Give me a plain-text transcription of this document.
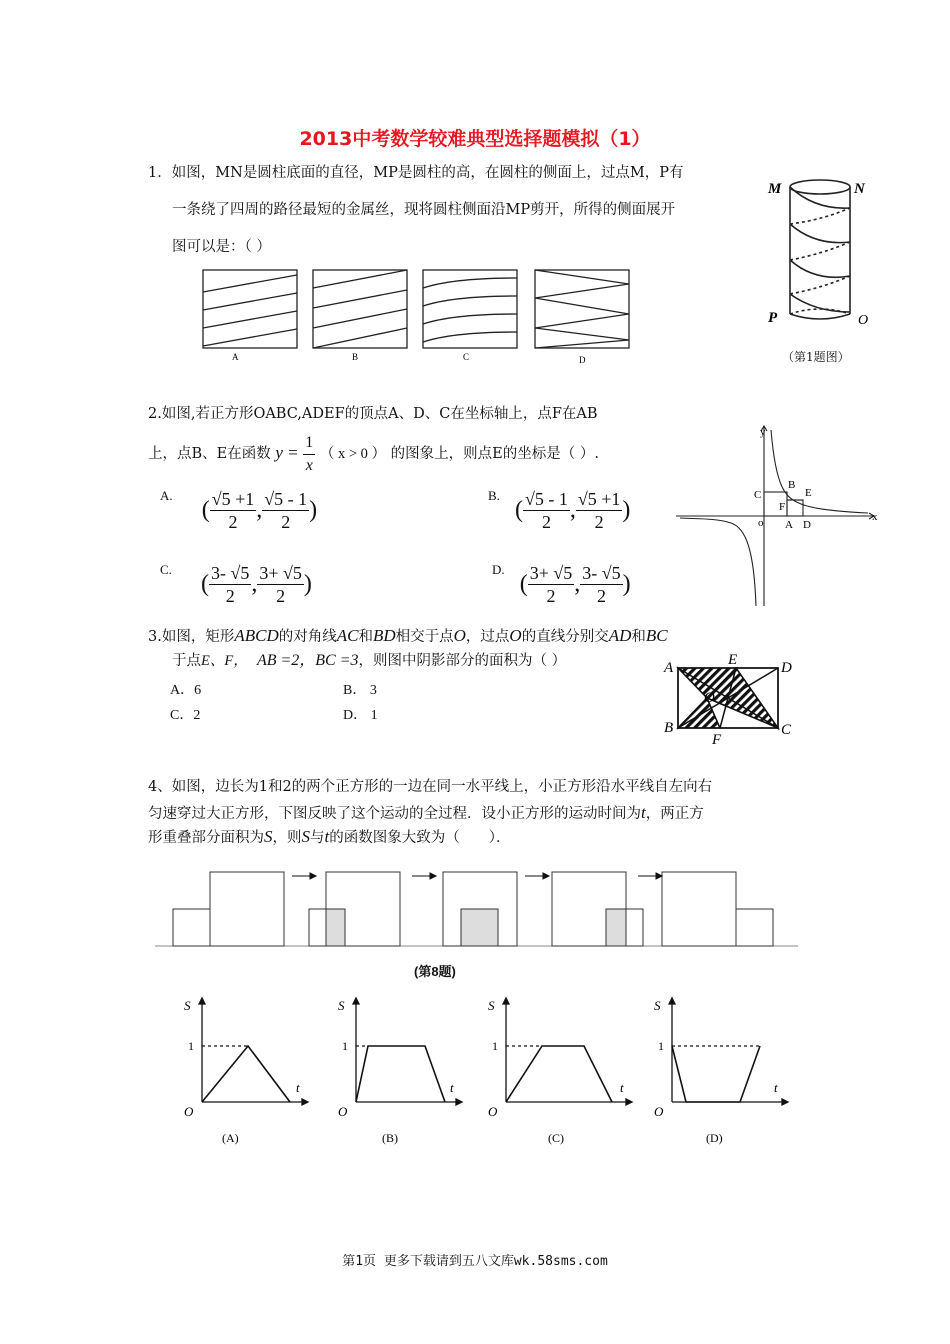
2013中考数学较难典型选择题模拟（1）
1．如图，MN是圆柱底面的直径，MP是圆柱的高，在圆柱的侧面上，过点M，P有
一条绕了四周的路径最短的金属丝，现将圆柱侧面沿MP剪开，所得的侧面展开
图可以是：（ ）
A	B	C	D
M	N
P	O
（第1题图）
2.如图,若正方形OABC,ADEF的顶点A、D、C在坐标轴上，点F在AB
上，点B、E在函数 $y = \frac{1}{x}$ （ x > 0 ） 的图象上，则点E的坐标是（ ）.
$^{A.}$ ( $\frac{√5 +1}{2}$ , $\frac{√5 - 1}{2}$ )
$^{B.}$ ( $\frac{√5 - 1}{2}$ , $\frac{√5 +1}{2}$ )
$^{C.}$ ( $\frac{3- √5}{2}$ , $\frac{3+ √5}{2}$ )
$^{D.}$ ( $\frac{3+ √5}{2}$ , $\frac{3- √5}{2}$ )
y
x
o
C
B
E
F
A D
3.如图，矩形ABCD的对角线AC和BD相交于点O，过点O的直线分别交AD和BC
于点E、F， AB =2，BC =3，则图中阴影部分的面积为（ ）
A．6	B． 3
C．2	D． 1
A	E	D
O
B
F
C
4、如图，边长为1和2的两个正方形的一边在同一水平线上，小正方形沿水平线自左向右
匀速穿过大正方形，下图反映了这个运动的全过程．设小正方形的运动时间为t，两正方
形重叠部分面积为S，则S与t的函数图象大致为（　　）．
(第8题)
S
1
t
O
(A)
S
1
t
O
(B)
S
1
t
O
(C)
S
1
t
O
(D)
第1页 更多下载请到五八文库wk.58sms.com
